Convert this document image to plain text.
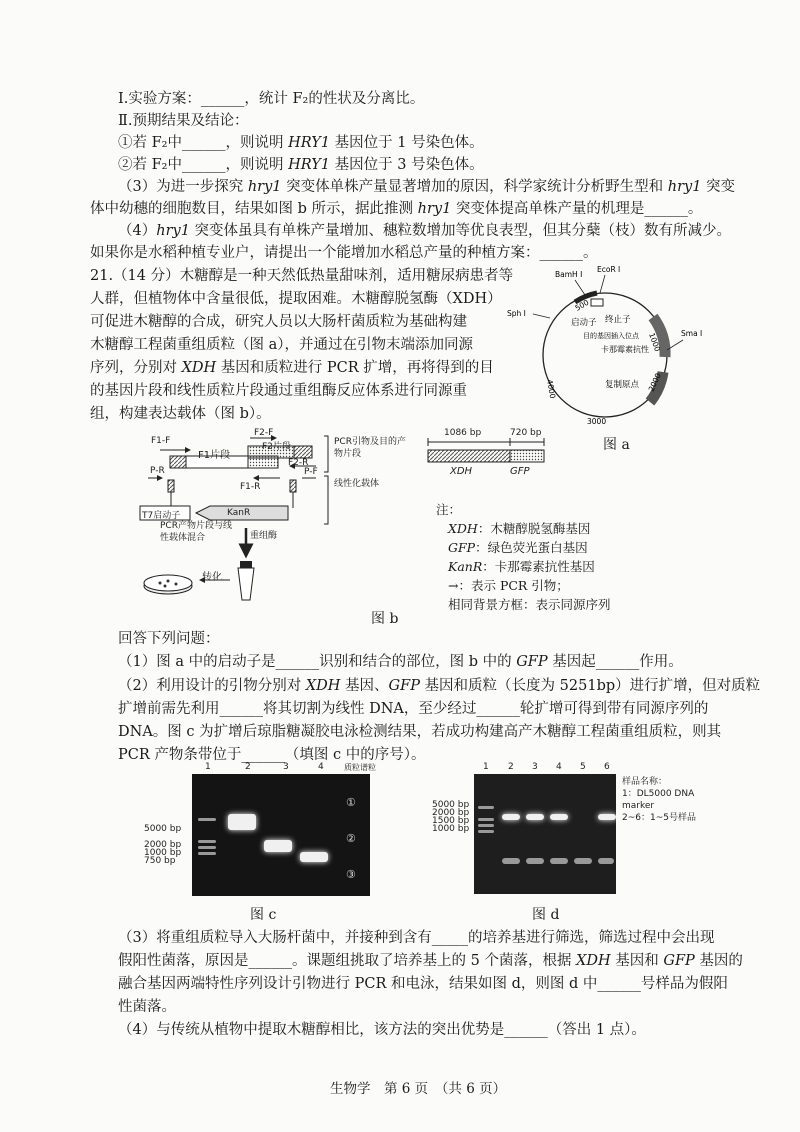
Ⅰ.实验方案：______，统计 F₂的性状及分离比。
Ⅱ.预期结果及结论：
①若 F₂中______，则说明 HRY1 基因位于 1 号染色体。
②若 F₂中______，则说明 HRY1 基因位于 3 号染色体。
（3）为进一步探究 hry1 突变体单株产量显著增加的原因，科学家统计分析野生型和 hry1 突变
体中幼穗的细胞数目，结果如图 b 所示，据此推测 hry1 突变体提高单株产量的机理是______。
（4）hry1 突变体虽具有单株产量增加、穗粒数增加等优良表型，但其分蘖（枝）数有所减少。
如果你是水稻种植专业户，请提出一个能增加水稻总产量的种植方案：______。
21.（14 分）木糖醇是一种天然低热量甜味剂，适用糖尿病患者等
人群，但植物体中含量很低，提取困难。木糖醇脱氢酶（XDH）
可促进木糖醇的合成，研究人员以大肠杆菌质粒为基础构建
木糖醇工程菌重组质粒（图 a），并通过在引物末端添加同源
序列，分别对 XDH 基因和质粒进行 PCR 扩增，再将得到的目
的基因片段和线性质粒片段通过重组酶反应体系进行同源重
组，构建表达载体（图 b）。
EcoR I
BamH I
Sph I
Sma I
500
启动子 终止子
目的基因插入位点 1000
卡那霉素抗性
2000
4000	复制原点
3000
图 a
F1-F
F2-F
F2片段
F1片段
P-R
F2-R
P-F
F1-R
T7启动子	KanR
PCR引物及目的产物片段
线性化载体
PCR产物片段与线性载体混合	重组酶
转化
1086 bp	720 bp
XDH	GFP
注：
XDH：木糖醇脱氢酶基因
GFP：绿色荧光蛋白基因
KanR：卡那霉素抗性基因
→：表示 PCR 引物；
相同背景方框：表示同源序列
图 b
回答下列问题：
（1）图 a 中的启动子是______识别和结合的部位，图 b 中的 GFP 基因起______作用。
（2）利用设计的引物分别对 XDH 基因、GFP 基因和质粒（长度为 5251bp）进行扩增，但对质粒
扩增前需先利用______将其切割为线性 DNA，至少经过______轮扩增可得到带有同源序列的
DNA。图 c 为扩增后琼脂糖凝胶电泳检测结果，若成功构建高产木糖醇工程菌重组质粒，则其
PCR 产物条带位于______（填图 c 中的序号）。
1	2	3	4	质粒谱粒
①
②
③
5000 bp
2000 bp
1000 bp
750 bp
图 c
1 2 3 4 5 6
5000 bp
2000 bp
1500 bp
1000 bp
样品名称：
1：DL5000 DNA
marker
2~6：1~5号样品
图 d
（3）将重组质粒导入大肠杆菌中，并接种到含有_____的培养基进行筛选，筛选过程中会出现
假阳性菌落，原因是______。课题组挑取了培养基上的 5 个菌落，根据 XDH 基因和 GFP 基因的
融合基因两端特性序列设计引物进行 PCR 和电泳，结果如图 d，则图 d 中______号样品为假阳
性菌落。
（4）与传统从植物中提取木糖醇相比，该方法的突出优势是______（答出 1 点）。
生物学　第 6 页　（共 6 页）
